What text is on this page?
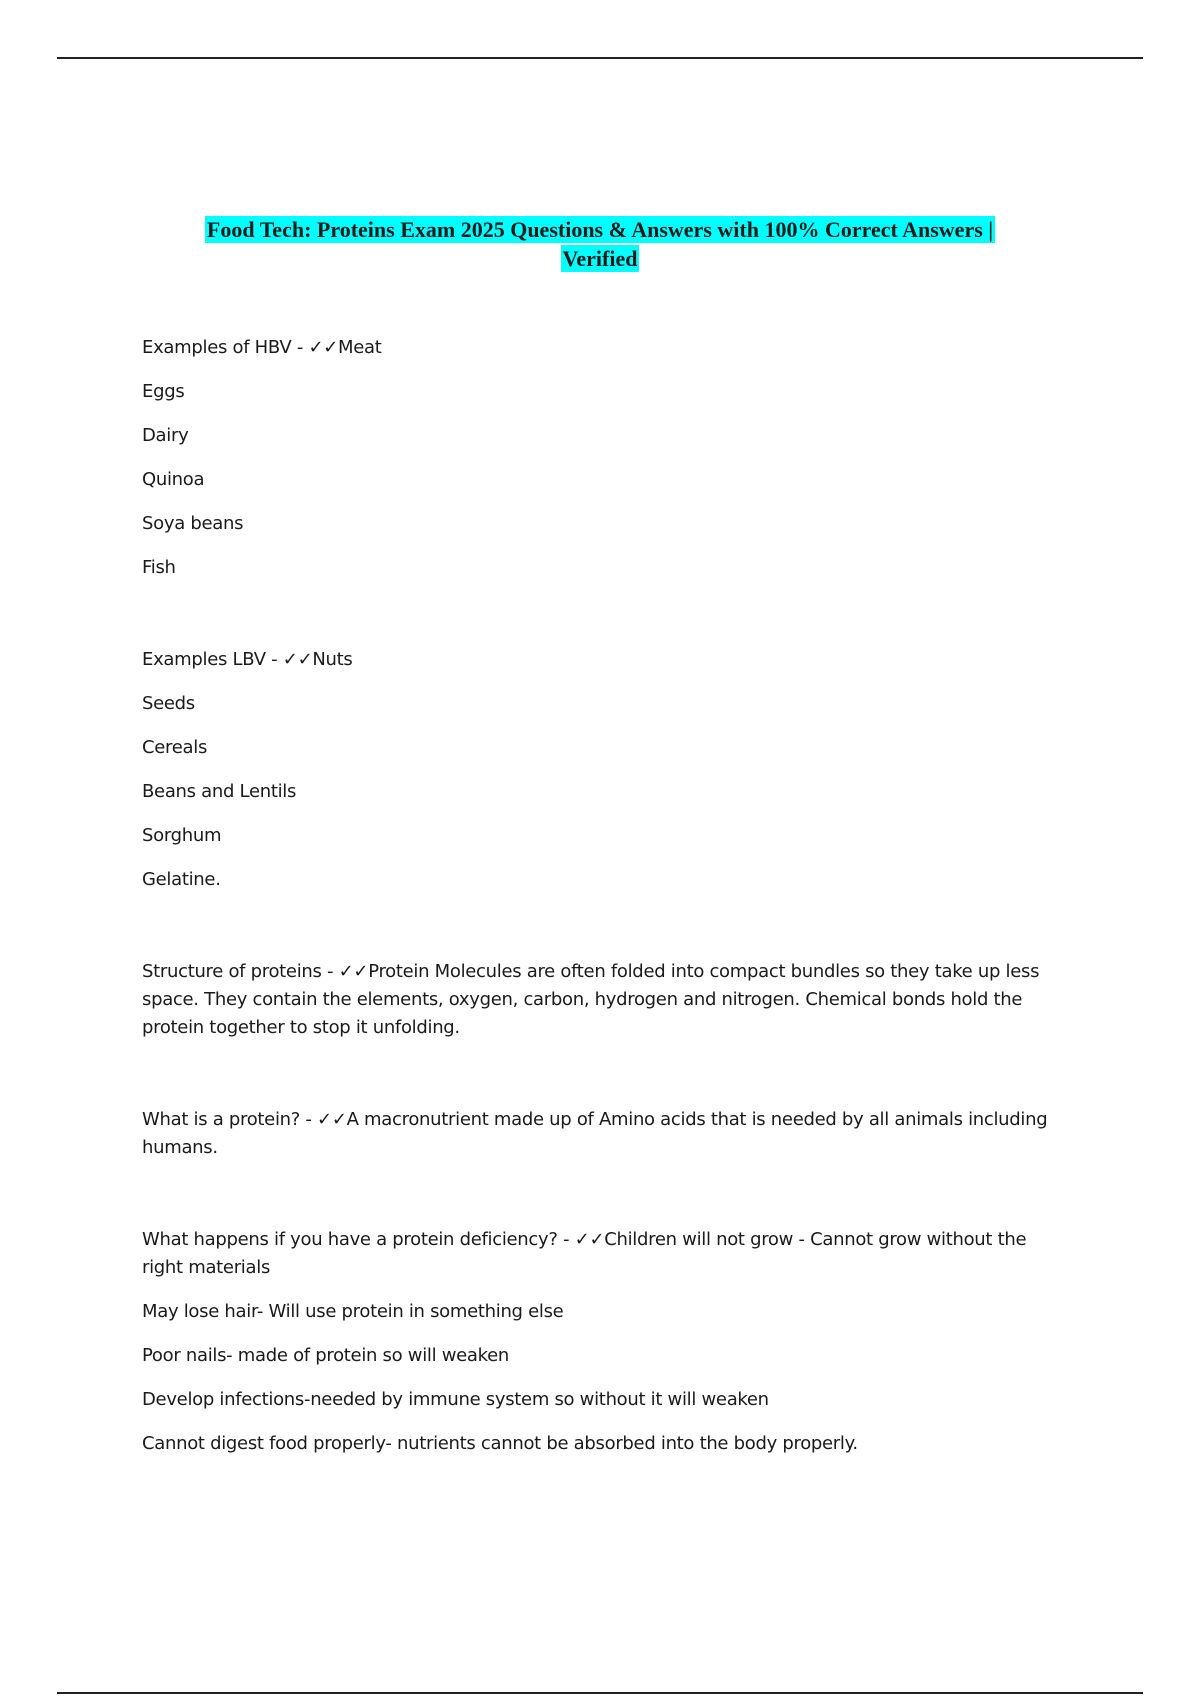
Food Tech: Proteins Exam 2025 Questions & Answers with 100% Correct Answers |
Verified

Examples of HBV - ✓✓Meat

Eggs

Dairy

Quinoa

Soya beans

Fish

Examples LBV - ✓✓Nuts

Seeds

Cereals

Beans and Lentils

Sorghum

Gelatine.

Structure of proteins - ✓✓Protein Molecules are often folded into compact bundles so they take up less space. They contain the elements, oxygen, carbon, hydrogen and nitrogen. Chemical bonds hold the protein together to stop it unfolding.

What is a protein? - ✓✓A macronutrient made up of Amino acids that is needed by all animals including humans.

What happens if you have a protein deficiency? - ✓✓Children will not grow - Cannot grow without the right materials

May lose hair- Will use protein in something else

Poor nails- made of protein so will weaken

Develop infections-needed by immune system so without it will weaken

Cannot digest food properly- nutrients cannot be absorbed into the body properly.
